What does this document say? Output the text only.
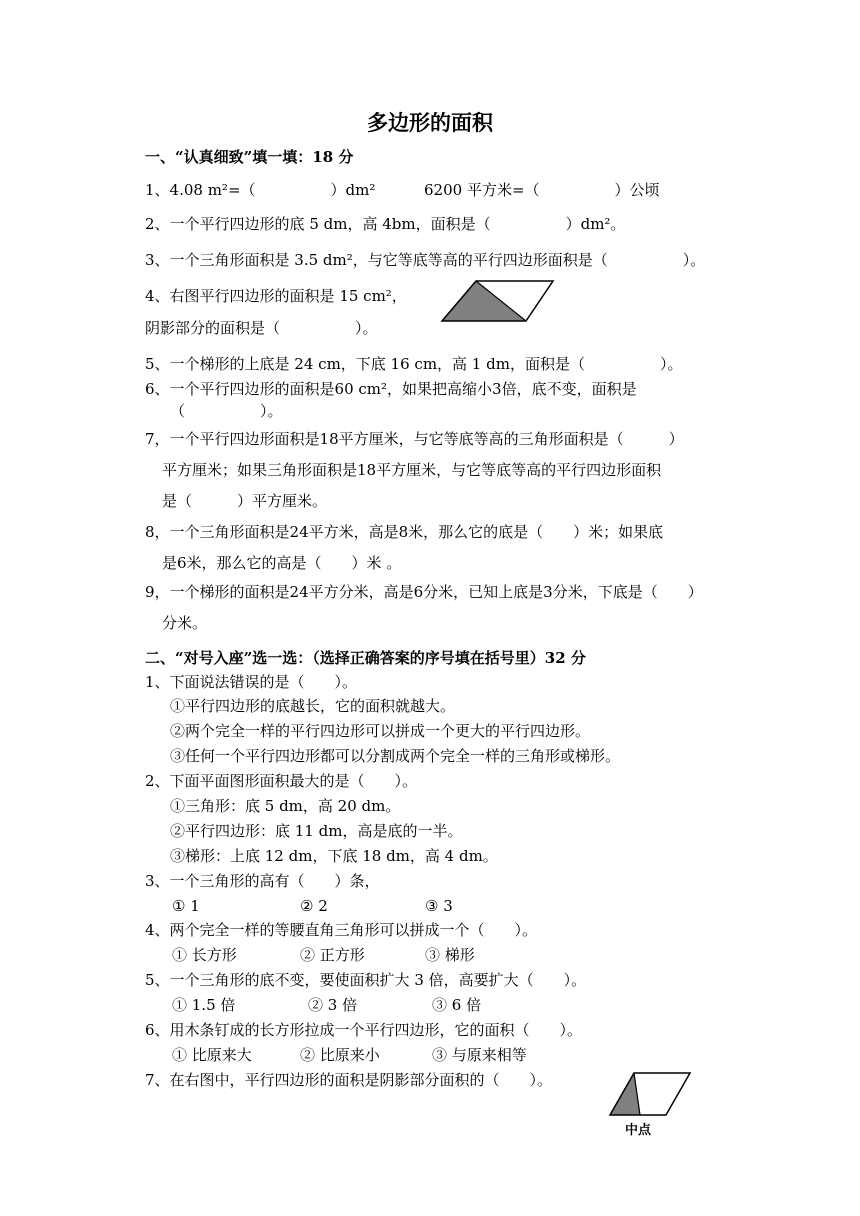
多边形的面积
一、“认真细致”填一填：18 分
1、4.08 m²=（　　　　　）dm²	6200 平方米=（　　　　　）公顷
2、一个平行四边形的底 5 dm，高 4bm，面积是（　　　　　）dm²。
3、一个三角形面积是 3.5 dm²，与它等底等高的平行四边形面积是（　　　　　）。
4、右图平行四边形的面积是 15 cm²，
阴影部分的面积是（　　　　　）。
5、一个梯形的上底是 24 cm，下底 16 cm，高 1 dm，面积是（　　　　　）。
6、一个平行四边形的面积是60 cm²，如果把高缩小3倍，底不变，面积是
（　　　　　）。
7，一个平行四边形面积是18平方厘米，与它等底等高的三角形面积是（　　　）
平方厘米；如果三角形面积是18平方厘米，与它等底等高的平行四边形面积
是（　　　）平方厘米。
8，一个三角形面积是24平方米，高是8米，那么它的底是（　　）米；如果底
是6米，那么它的高是（　　）米 。
9，一个梯形的面积是24平方分米，高是6分米，已知上底是3分米，下底是（　　）
分米。
二、“对号入座”选一选：（选择正确答案的序号填在括号里）32 分
1、下面说法错误的是（　　）。
①平行四边形的底越长，它的面积就越大。
②两个完全一样的平行四边形可以拼成一个更大的平行四边形。
③任何一个平行四边形都可以分割成两个完全一样的三角形或梯形。
2、下面平面图形面积最大的是（　　）。
①三角形：底 5 dm，高 20 dm。
②平行四边形：底 11 dm，高是底的一半。
③梯形：上底 12 dm，下底 18 dm，高 4 dm。
3、一个三角形的高有（　　）条，
① 1	② 2	③ 3
4、两个完全一样的等腰直角三角形可以拼成一个（　　）。
① 长方形	② 正方形	③ 梯形
5、一个三角形的底不变，要使面积扩大 3 倍，高要扩大（　　）。
① 1.5 倍	② 3 倍	③ 6 倍
6、用木条钉成的长方形拉成一个平行四边形，它的面积（　　）。
① 比原来大	② 比原来小	③ 与原来相等
7、在右图中，平行四边形的面积是阴影部分面积的（　　）。
中点
